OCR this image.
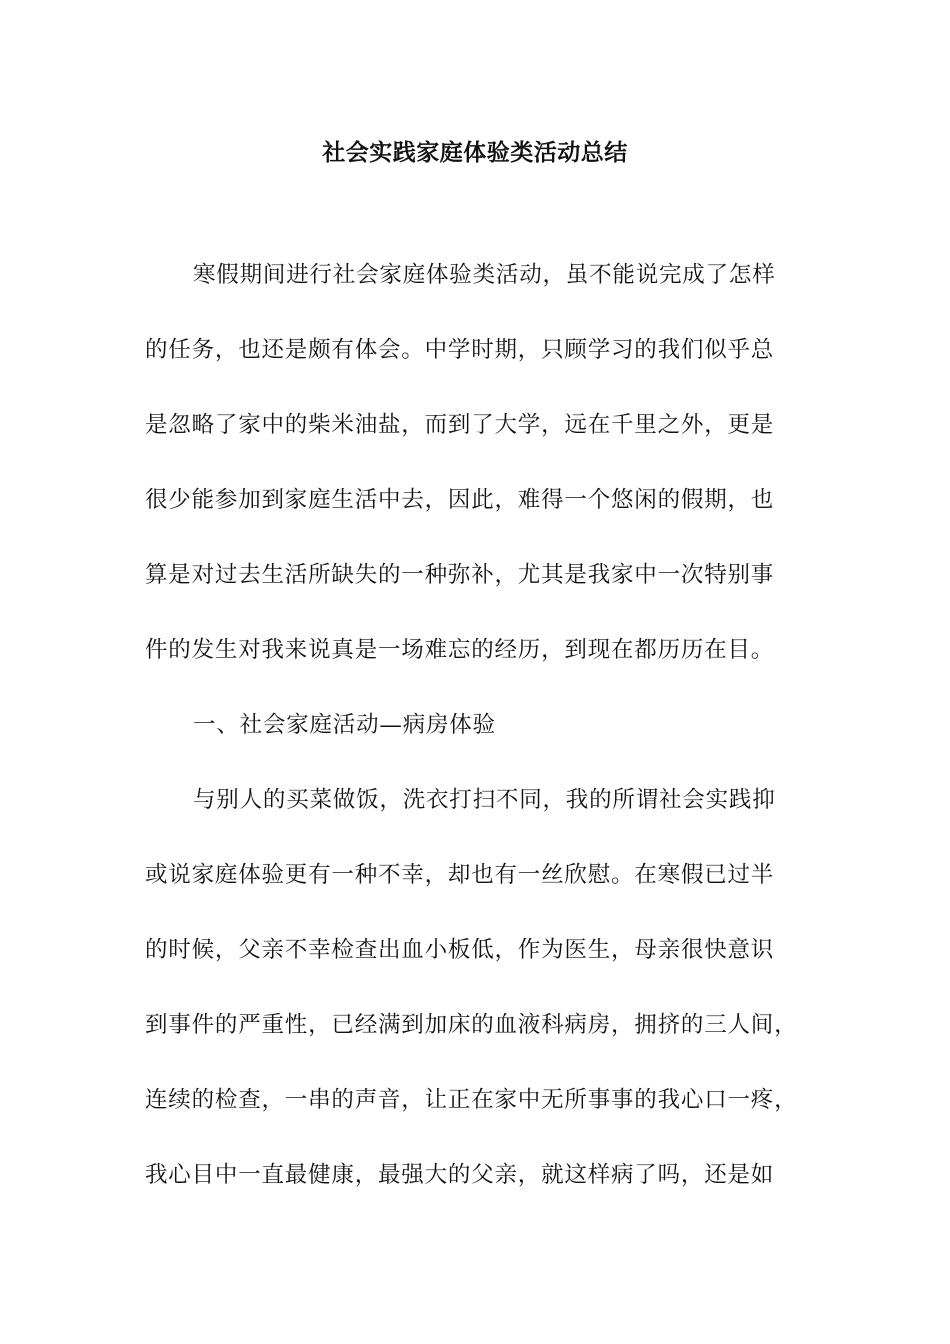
社会实践家庭体验类活动总结
寒假期间进行社会家庭体验类活动，虽不能说完成了怎样
的任务，也还是颇有体会。中学时期，只顾学习的我们似乎总
是忽略了家中的柴米油盐，而到了大学，远在千里之外，更是
很少能参加到家庭生活中去，因此，难得一个悠闲的假期，也
算是对过去生活所缺失的一种弥补，尤其是我家中一次特别事
件的发生对我来说真是一场难忘的经历，到现在都历历在目。
一、社会家庭活动—病房体验
与别人的买菜做饭，洗衣打扫不同，我的所谓社会实践抑
或说家庭体验更有一种不幸，却也有一丝欣慰。在寒假已过半
的时候，父亲不幸检查出血小板低，作为医生，母亲很快意识
到事件的严重性，已经满到加床的血液科病房，拥挤的三人间，
连续的检查，一串的声音，让正在家中无所事事的我心口一疼，
我心目中一直最健康，最强大的父亲，就这样病了吗，还是如
